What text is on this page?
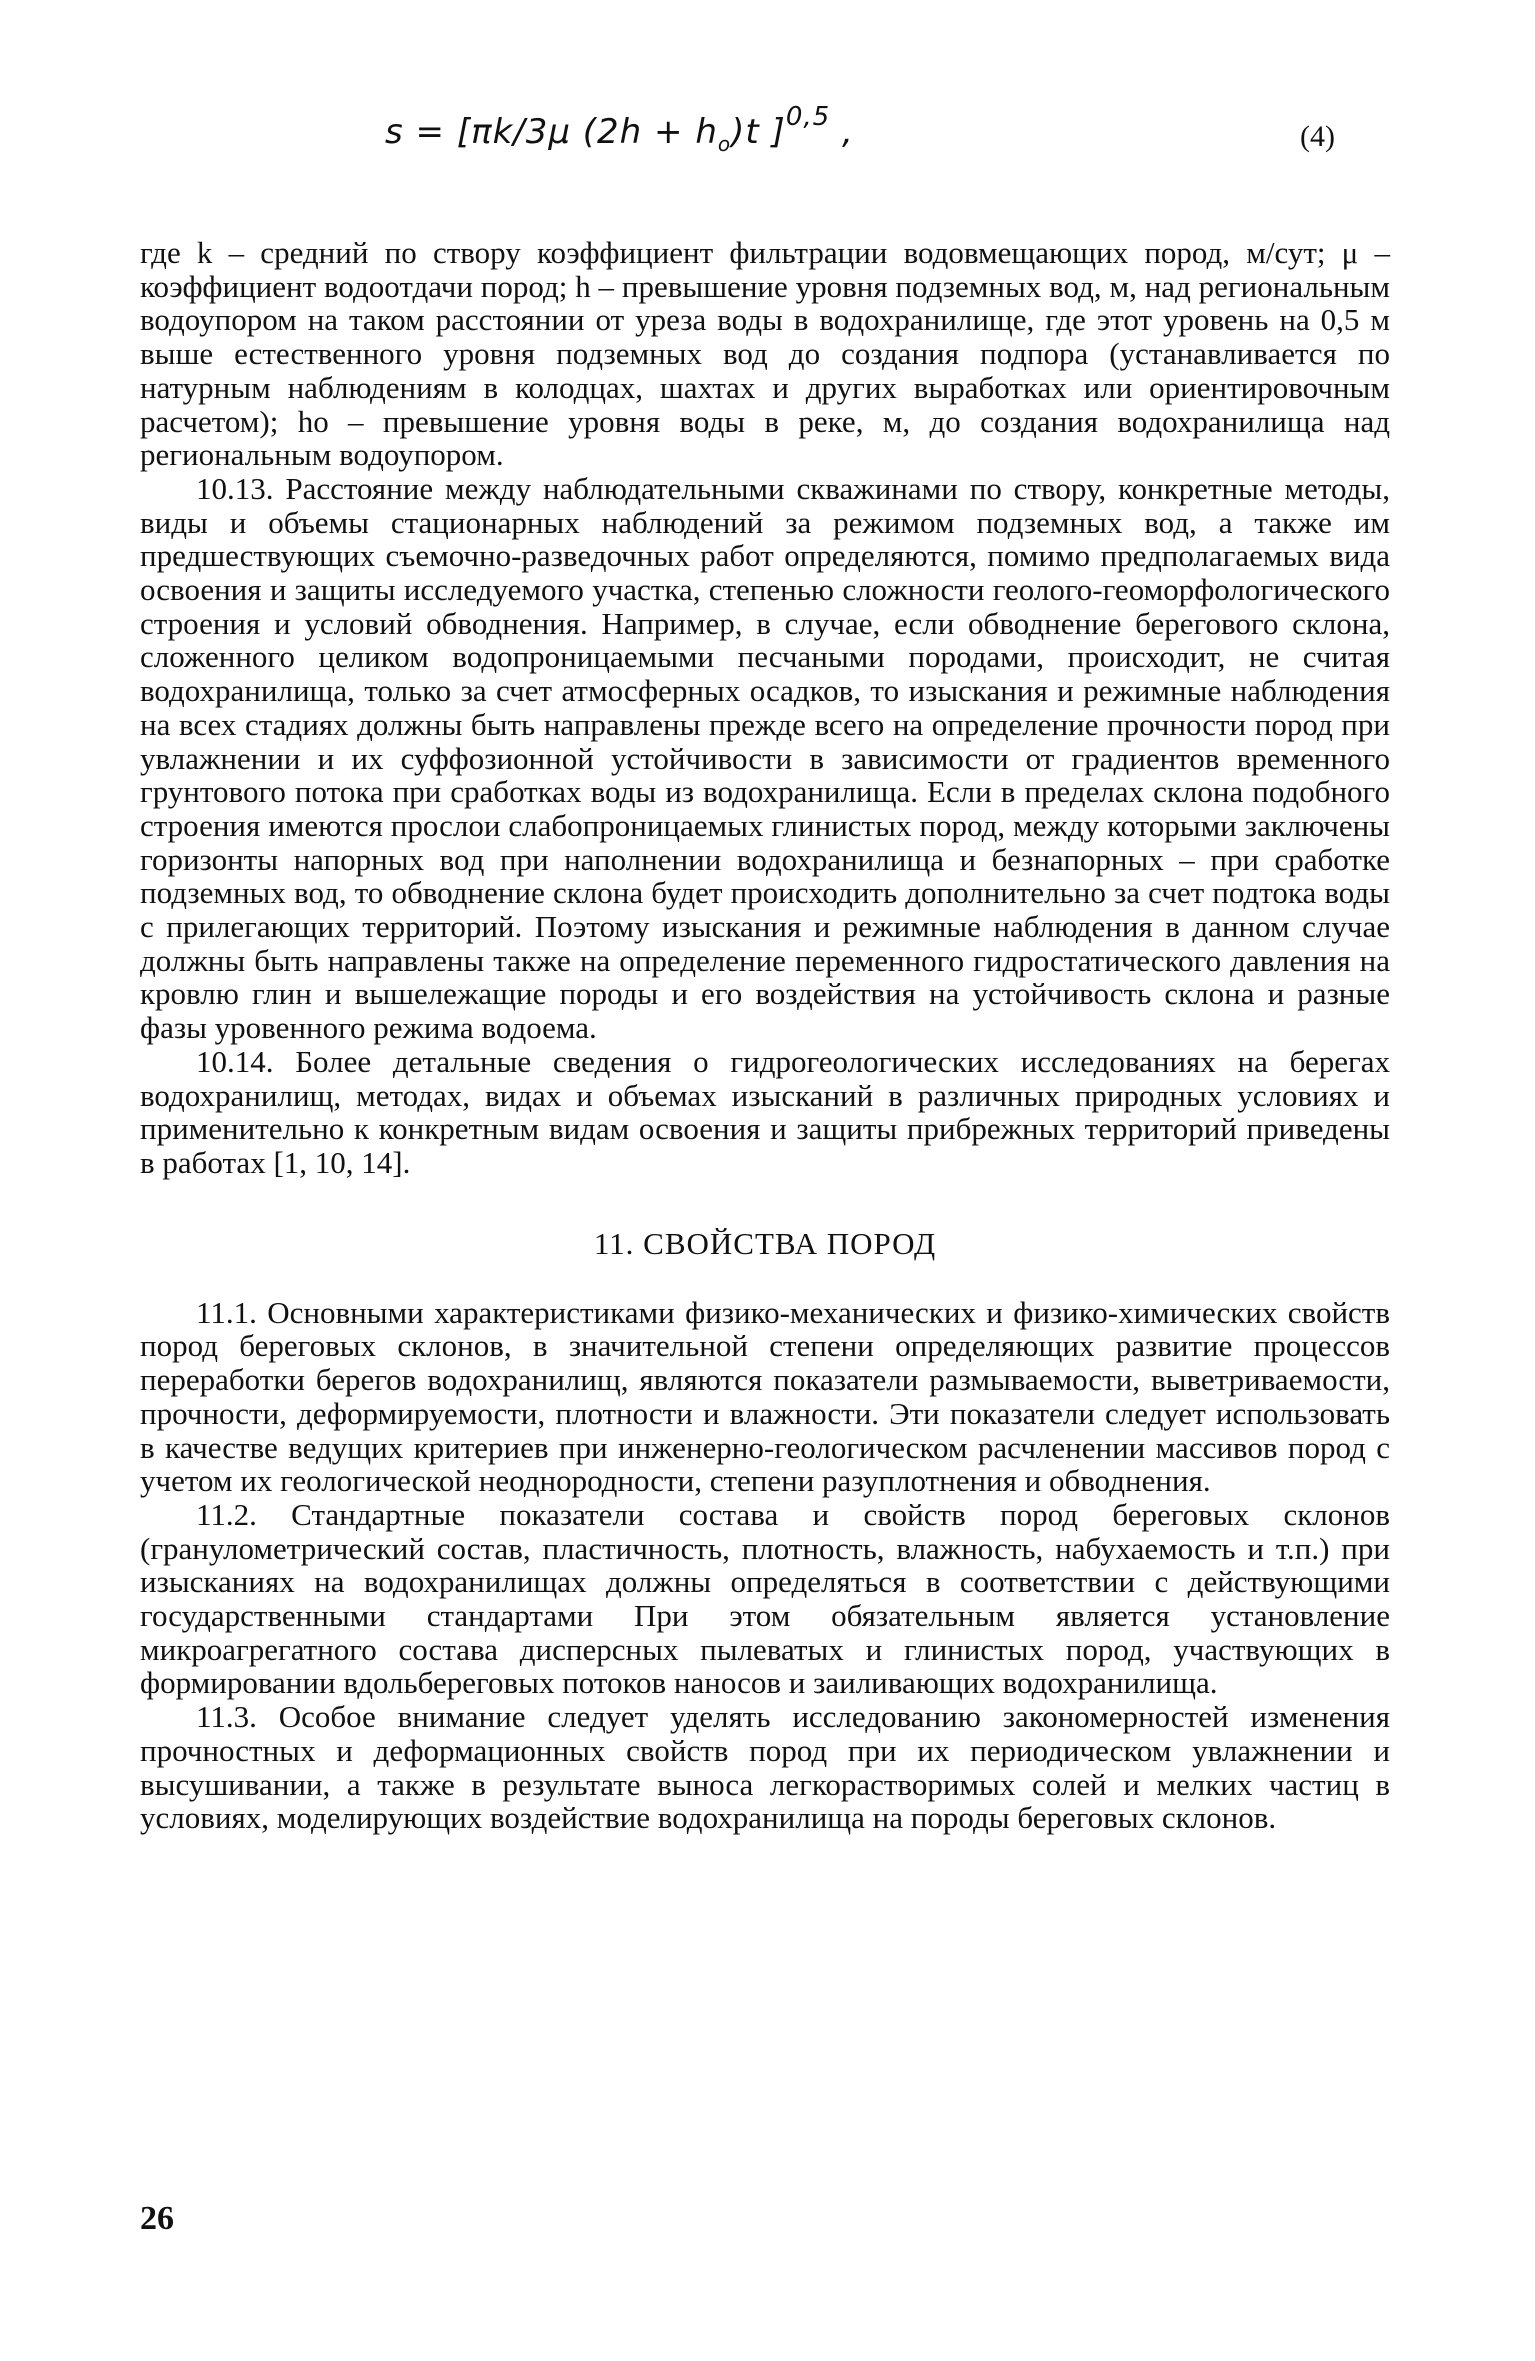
s = [πk/3μ $(2h + h_o)t$ ]$^{0,5}$ ,	(4)

где k – средний по створу коэффициент фильтрации водовмещающих пород, м/сут; μ – коэффициент водоотдачи пород; h – превышение уровня подземных вод, м, над региональным водоупором на таком расстоянии от уреза воды в водохранилище, где этот уровень на 0,5 м выше естественного уровня подземных вод до создания подпора (устанавливается по натурным наблюдениям в колодцах, шахтах и других выработках или ориентировочным расчетом); hо – превышение уровня воды в реке, м, до создания водохранилища над региональным водоупором.

10.13. Расстояние между наблюдательными скважинами по створу, конкретные методы, виды и объемы стационарных наблюдений за режимом подземных вод, а также им предшествующих съемочно-разведочных работ определяются, помимо предполагаемых вида освоения и защиты исследуемого участка, степенью сложности геолого-геоморфологического строения и условий обводнения. Например, в случае, если обводнение берегового склона, сложенного целиком водопроницаемыми песчаными породами, происходит, не считая водохранилища, только за счет атмосферных осадков, то изыскания и режимные наблюдения на всех стадиях должны быть направлены прежде всего на определение прочности пород при увлажнении и их суффозионной устойчивости в зависимости от градиентов временного грунтового потока при сработках воды из водохранилища. Если в пределах склона подобного строения имеются прослои слабопроницаемых глинистых пород, между которыми заключены горизонты напорных вод при наполнении водохранилища и безнапорных – при сработке подземных вод, то обводнение склона будет происходить дополнительно за счет подтока воды с прилегающих территорий. Поэтому изыскания и режимные наблюдения в данном случае должны быть направлены также на определение переменного гидростатического давления на кровлю глин и вышележащие породы и его воздействия на устойчивость склона и разные фазы уровенного режима водоема.

10.14. Более детальные сведения о гидрогеологических исследованиях на берегах водохранилищ, методах, видах и объемах изысканий в различных природных условиях и применительно к конкретным видам освоения и защиты прибрежных территорий приведены в работах [1, 10, 14].

11. СВОЙСТВА ПОРОД

11.1. Основными характеристиками физико-механических и физико-химических свойств пород береговых склонов, в значительной степени определяющих развитие процессов переработки берегов водохранилищ, являются показатели размываемости, выветриваемости, прочности, деформируемости, плотности и влажности. Эти показатели следует использовать в качестве ведущих критериев при инженерно-геологическом расчленении массивов пород с учетом их геологической неоднородности, степени разуплотнения и обводнения.

11.2. Стандартные показатели состава и свойств пород береговых склонов (гранулометрический состав, пластичность, плотность, влажность, набухаемость и т.п.) при изысканиях на водохранилищах должны определяться в соответствии с действующими государственными стандартами При этом обязательным является установление микроагрегатного состава дисперсных пылеватых и глинистых пород, участвующих в формировании вдольбереговых потоков наносов и заиливающих водохранилища.

11.3. Особое внимание следует уделять исследованию закономерностей изменения прочностных и деформационных свойств пород при их периодическом увлажнении и высушивании, а также в результате выноса легкорастворимых солей и мелких частиц в условиях, моделирующих воздействие водохранилища на породы береговых склонов.

26
